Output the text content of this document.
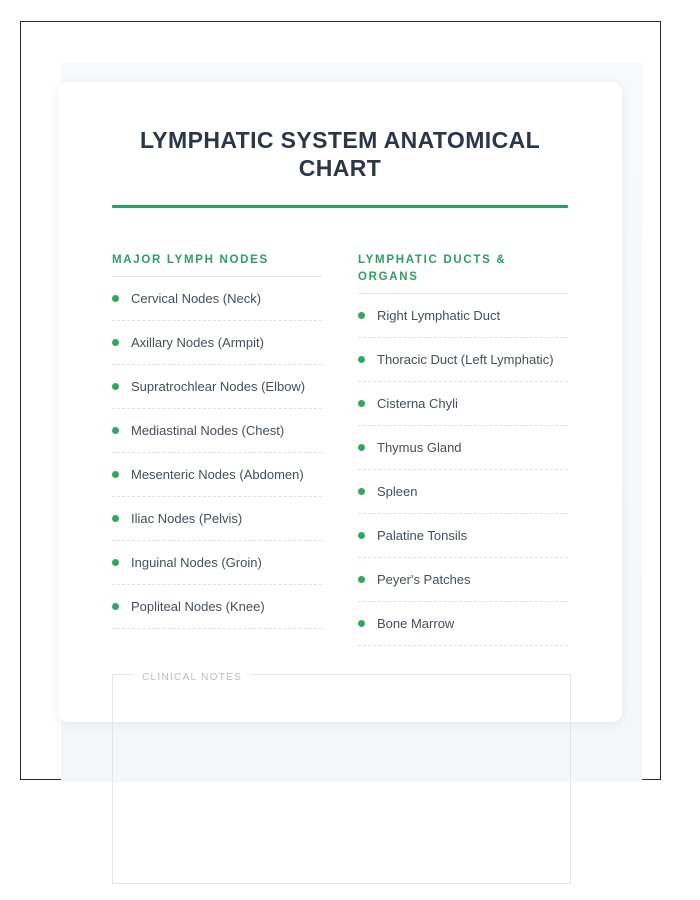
LYMPHATIC SYSTEM ANATOMICAL CHART
MAJOR LYMPH NODES
Cervical Nodes (Neck)
Axillary Nodes (Armpit)
Supratrochlear Nodes (Elbow)
Mediastinal Nodes (Chest)
Mesenteric Nodes (Abdomen)
Iliac Nodes (Pelvis)
Inguinal Nodes (Groin)
Popliteal Nodes (Knee)
LYMPHATIC DUCTS & ORGANS
Right Lymphatic Duct
Thoracic Duct (Left Lymphatic)
Cisterna Chyli
Thymus Gland
Spleen
Palatine Tonsils
Peyer's Patches
Bone Marrow
CLINICAL NOTES
